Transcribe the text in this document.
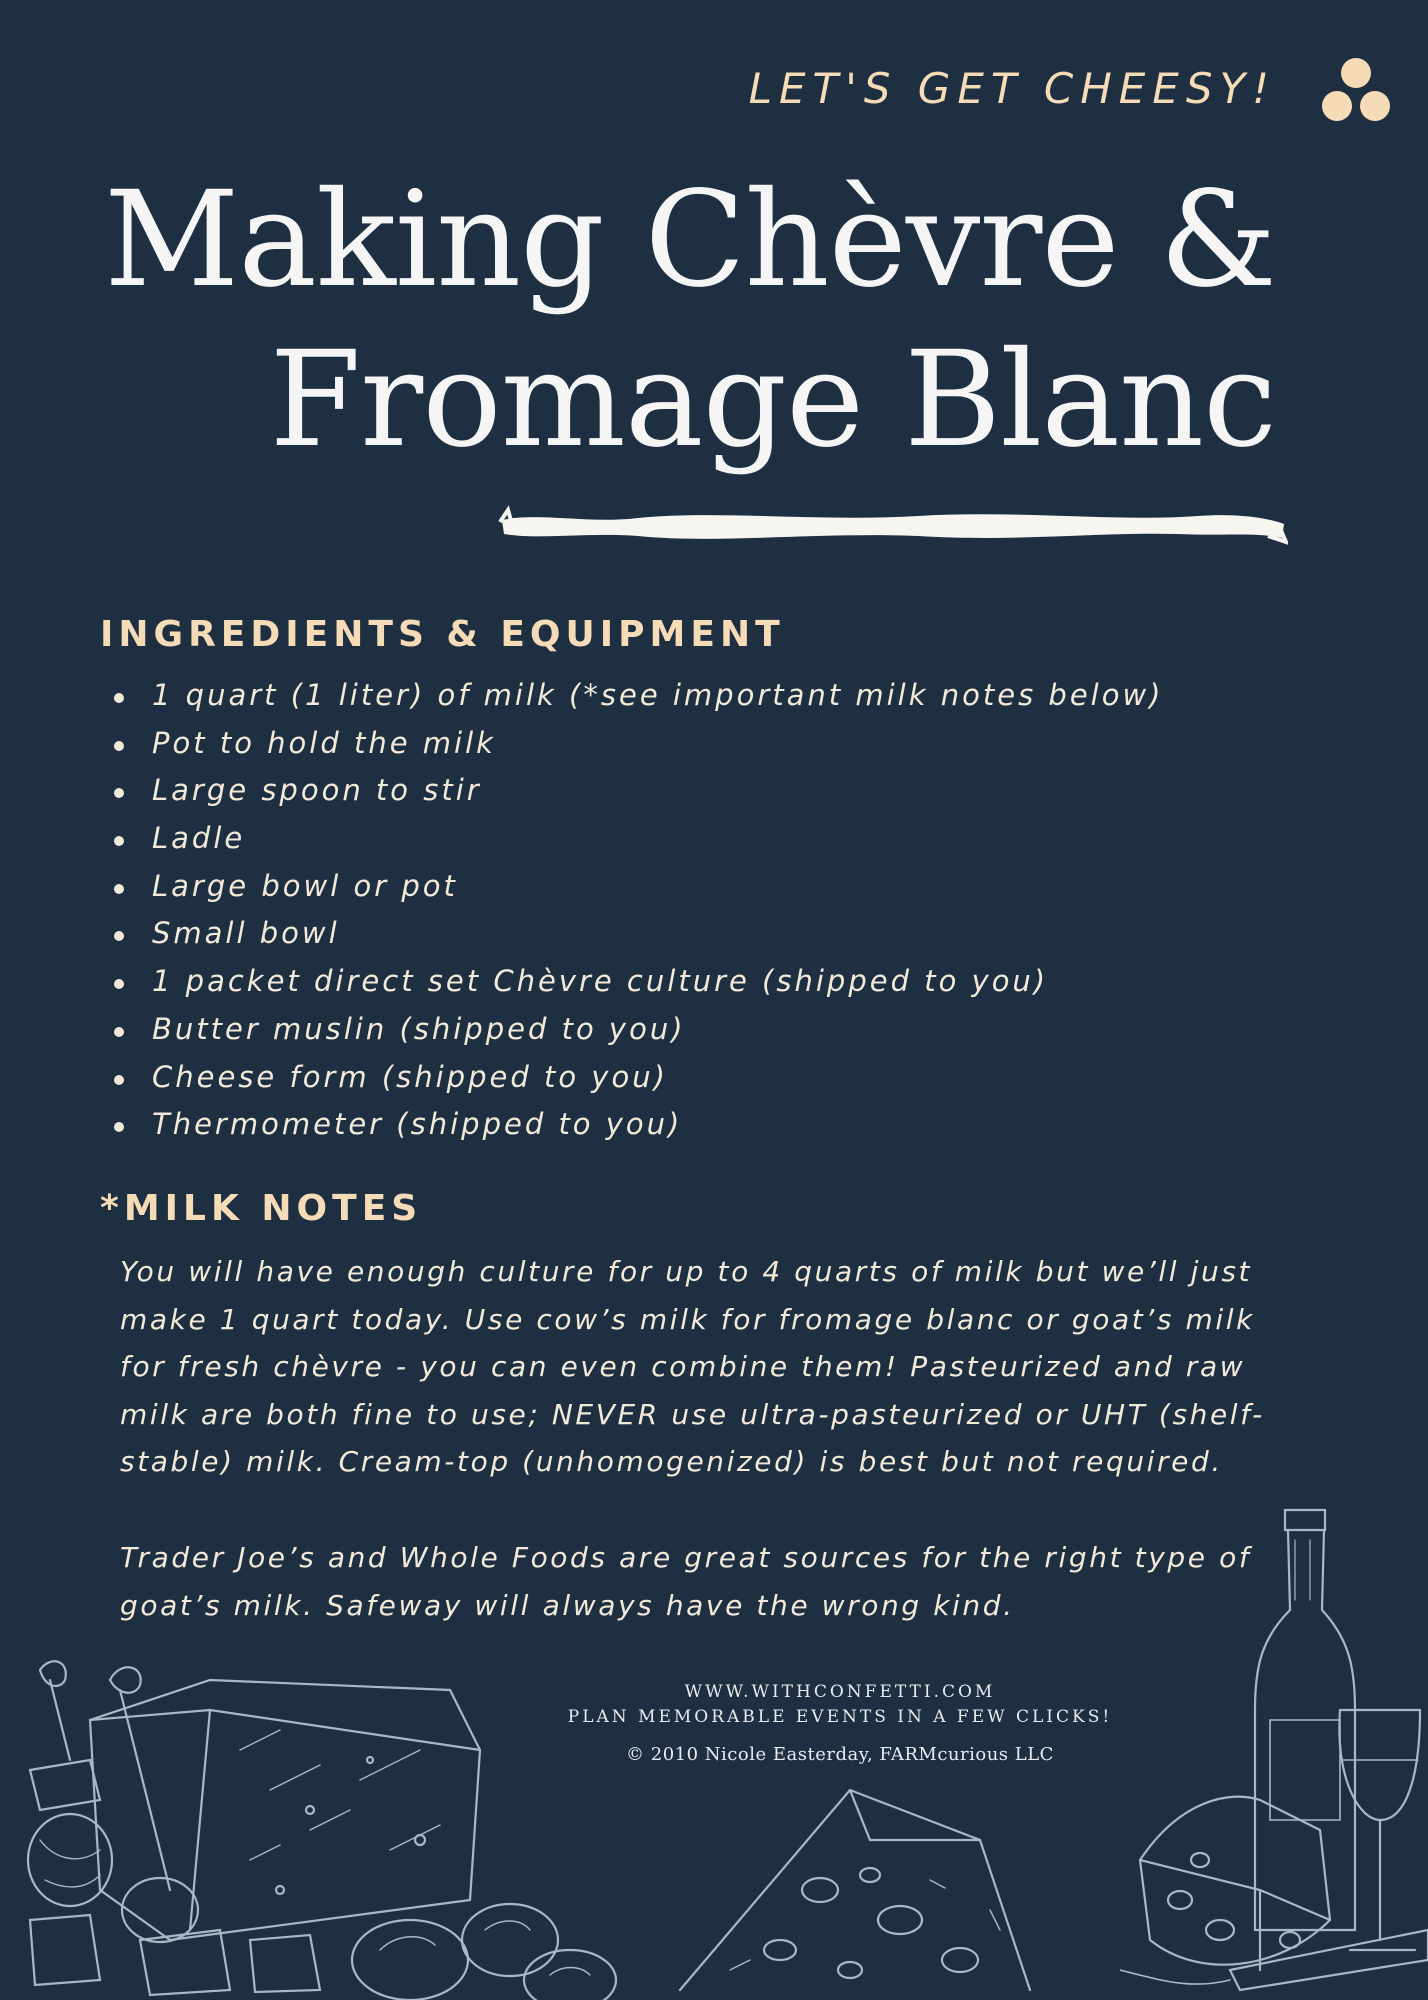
LET'S GET CHEESY!
Making Chèvre &
Fromage Blanc
INGREDIENTS & EQUIPMENT
1 quart (1 liter) of milk (*see important milk notes below)
Pot to hold the milk
Large spoon to stir
Ladle
Large bowl or pot
Small bowl
1 packet direct set Chèvre culture (shipped to you)
Butter muslin (shipped to you)
Cheese form (shipped to you)
Thermometer (shipped to you)
*MILK NOTES

You will have enough culture for up to 4 quarts of milk but we’ll just make 1 quart today. Use cow’s milk for fromage blanc or goat’s milk for fresh chèvre - you can even combine them! Pasteurized and raw milk are both fine to use; NEVER use ultra-pasteurized or UHT (shelf-stable) milk. Cream-top (unhomogenized) is best but not required.

Trader Joe’s and Whole Foods are great sources for the right type of goat’s milk. Safeway will always have the wrong kind.

WWW.WITHCONFETTI.COM
PLAN MEMORABLE EVENTS IN A FEW CLICKS!
© 2010 Nicole Easterday, FARMcurious LLC
